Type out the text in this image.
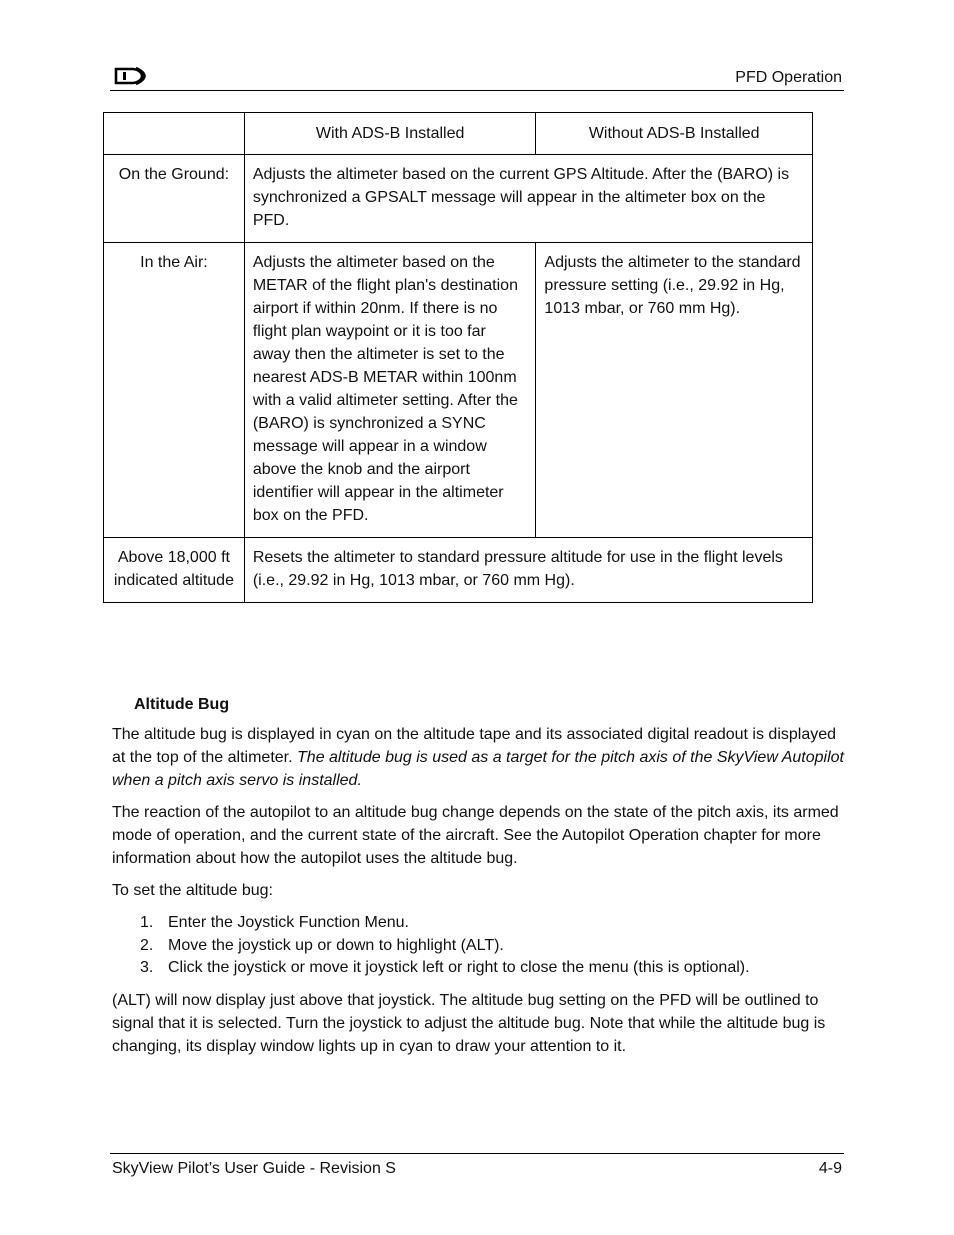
PFD Operation
	With ADS-B Installed	Without ADS-B Installed
On the Ground:	Adjusts the altimeter based on the current GPS Altitude. After the (BARO) is synchronized a GPSALT message will appear in the altimeter box on the PFD.	
In the Air:	Adjusts the altimeter based on the METAR of the flight plan's destination airport if within 20nm. If there is no flight plan waypoint or it is too far away then the altimeter is set to the nearest ADS-B METAR within 100nm with a valid altimeter setting. After the (BARO) is synchronized a SYNC message will appear in a window above the knob and the airport identifier will appear in the altimeter box on the PFD.	Adjusts the altimeter to the standard pressure setting (i.e., 29.92 in Hg, 1013 mbar, or 760 mm Hg).
Above 18,000 ft indicated altitude	Resets the altimeter to standard pressure altitude for use in the flight levels (i.e., 29.92 in Hg, 1013 mbar, or 760 mm Hg).	
Altitude Bug

The altitude bug is displayed in cyan on the altitude tape and its associated digital readout is displayed at the top of the altimeter. The altitude bug is used as a target for the pitch axis of the SkyView Autopilot when a pitch axis servo is installed.

The reaction of the autopilot to an altitude bug change depends on the state of the pitch axis, its armed mode of operation, and the current state of the aircraft. See the Autopilot Operation chapter for more information about how the autopilot uses the altitude bug.

To set the altitude bug:

1. Enter the Joystick Function Menu.
2. Move the joystick up or down to highlight (ALT).
3. Click the joystick or move it joystick left or right to close the menu (this is optional).

(ALT) will now display just above that joystick. The altitude bug setting on the PFD will be outlined to signal that it is selected. Turn the joystick to adjust the altitude bug. Note that while the altitude bug is changing, its display window lights up in cyan to draw your attention to it.

SkyView Pilot’s User Guide - Revision S	4-9
